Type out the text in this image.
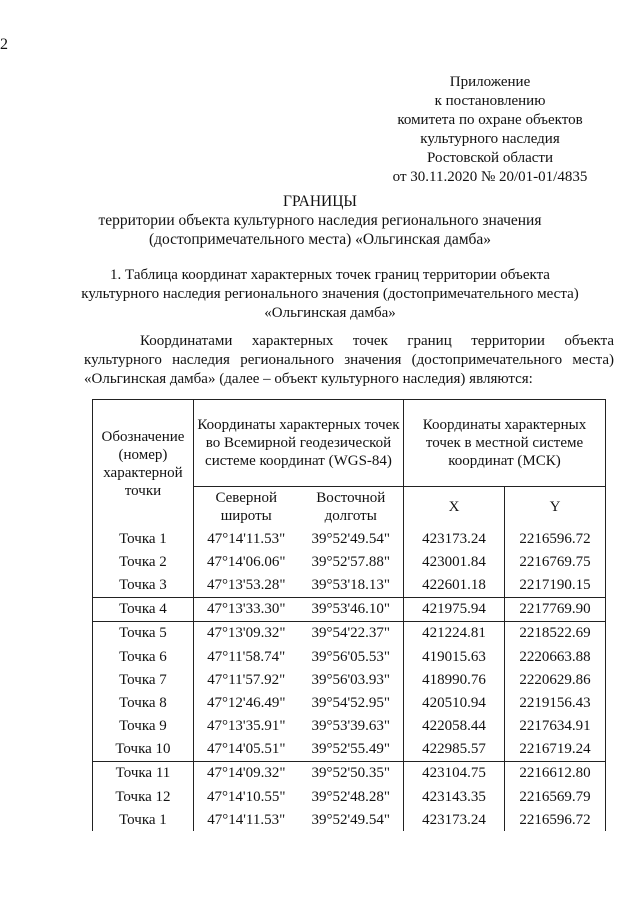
2
Приложение
к постановлению
комитета по охране объектов
культурного наследия
Ростовской области
от 30.11.2020 № 20/01-01/4835
ГРАНИЦЫ
территории объекта культурного наследия регионального значения
(достопримечательного места) «Ольгинская дамба»
1. Таблица координат характерных точек границ территории объекта
культурного наследия регионального значения (достопримечательного места)
«Ольгинская дамба»
Координатами характерных точек границ территории объекта культурного наследия регионального значения (достопримечательного места) «Ольгинская дамба» (далее – объект культурного наследия) являются:
Обозначение (номер) характерной точки	Координаты характерных точек во Всемирной геодезической системе координат (WGS-84)		Координаты характерных точек в местной системе координат (МСК)	
	Северной широты	Восточной долготы	X	Y
Точка 1	47°14'11.53"	39°52'49.54"	423173.24	2216596.72
Точка 2	47°14'06.06"	39°52'57.88"	423001.84	2216769.75
Точка 3	47°13'53.28"	39°53'18.13"	422601.18	2217190.15
Точка 4	47°13'33.30"	39°53'46.10"	421975.94	2217769.90
Точка 5	47°13'09.32"	39°54'22.37"	421224.81	2218522.69
Точка 6	47°11'58.74"	39°56'05.53"	419015.63	2220663.88
Точка 7	47°11'57.92"	39°56'03.93"	418990.76	2220629.86
Точка 8	47°12'46.49"	39°54'52.95"	420510.94	2219156.43
Точка 9	47°13'35.91"	39°53'39.63"	422058.44	2217634.91
Точка 10	47°14'05.51"	39°52'55.49"	422985.57	2216719.24
Точка 11	47°14'09.32"	39°52'50.35"	423104.75	2216612.80
Точка 12	47°14'10.55"	39°52'48.28"	423143.35	2216569.79
Точка 1	47°14'11.53"	39°52'49.54"	423173.24	2216596.72
